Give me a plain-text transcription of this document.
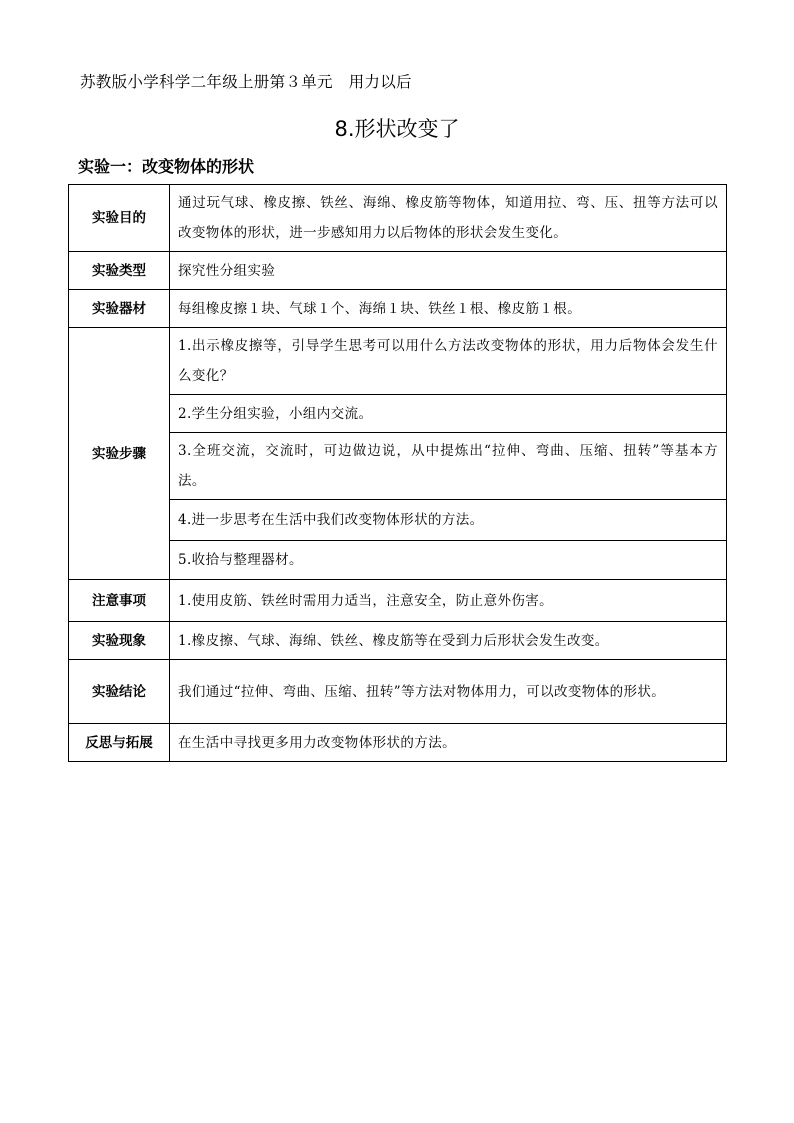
苏教版小学科学二年级上册第３单元　用力以后
8.形状改变了
实验一：改变物体的形状
实验目的	通过玩气球、橡皮擦、铁丝、海绵、橡皮筋等物体，知道用拉、弯、压、扭等方法可以改变物体的形状，进一步感知用力以后物体的形状会发生变化。
实验类型	探究性分组实验
实验器材	每组橡皮擦１块、气球１个、海绵１块、铁丝１根、橡皮筋１根。
实验步骤	1.出示橡皮擦等，引导学生思考可以用什么方法改变物体的形状，用力后物体会发生什么变化？
	2.学生分组实验，小组内交流。
	3.全班交流，交流时，可边做边说，从中提炼出“拉伸、弯曲、压缩、扭转”等基本方法。
	4.进一步思考在生活中我们改变物体形状的方法。
	5.收拾与整理器材。
注意事项	1.使用皮筋、铁丝时需用力适当，注意安全，防止意外伤害。
实验现象	1.橡皮擦、气球、海绵、铁丝、橡皮筋等在受到力后形状会发生改变。
实验结论	我们通过“拉伸、弯曲、压缩、扭转”等方法对物体用力，可以改变物体的形状。
反思与拓展	在生活中寻找更多用力改变物体形状的方法。
